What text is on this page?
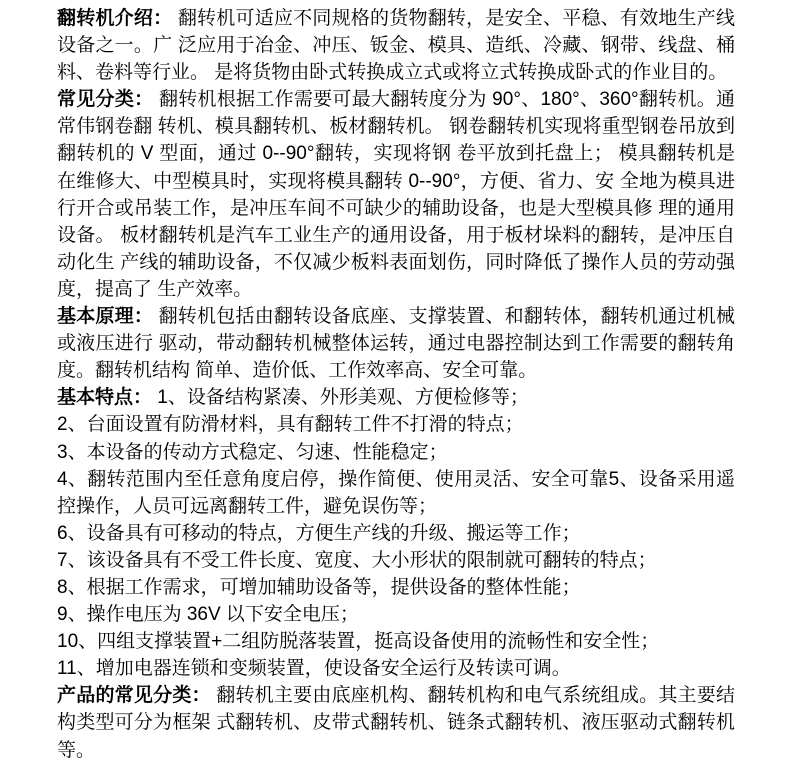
翻转机介绍： 翻转机可适应不同规格的货物翻转，是安全、平稳、有效地生产线设备之一。广 泛应用于冶金、冲压、钣金、模具、造纸、冷藏、钢带、线盘、桶料、卷料等行业。 是将货物由卧式转换成立式或将立式转换成卧式的作业目的。

常见分类： 翻转机根据工作需要可最大翻转度分为 90°、180°、360°翻转机。通常伟钢卷翻 转机、模具翻转机、板材翻转机。 钢卷翻转机实现将重型钢卷吊放到翻转机的 V 型面，通过 0--90°翻转，实现将钢 卷平放到托盘上； 模具翻转机是在维修大、中型模具时，实现将模具翻转 0--90°，方便、省力、安 全地为模具进行开合或吊装工作，是冲压车间不可缺少的辅助设备，也是大型模具修 理的通用设备。 板材翻转机是汽车工业生产的通用设备，用于板材垛料的翻转，是冲压自动化生 产线的辅助设备，不仅减少板料表面划伤，同时降低了操作人员的劳动强度，提高了 生产效率。

基本原理： 翻转机包括由翻转设备底座、支撑装置、和翻转体，翻转机通过机械或液压进行 驱动，带动翻转机械整体运转，通过电器控制达到工作需要的翻转角度。翻转机结构 简单、造价低、工作效率高、安全可靠。

基本特点： 1、设备结构紧凑、外形美观、方便检修等；

2、台面设置有防滑材料，具有翻转工件不打滑的特点；

3、本设备的传动方式稳定、匀速、性能稳定；

4、翻转范围内至任意角度启停，操作简便、使用灵活、安全可靠5、设备采用遥控操作，人员可远离翻转工件，避免误伤等；

6、设备具有可移动的特点，方便生产线的升级、搬运等工作；

7、该设备具有不受工件长度、宽度、大小形状的限制就可翻转的特点；

8、根据工作需求，可增加辅助设备等，提供设备的整体性能；

9、操作电压为 36V 以下安全电压；

10、四组支撑装置+二组防脱落装置，挺高设备使用的流畅性和安全性；

11、增加电器连锁和变频装置，使设备安全运行及转读可调。

产品的常见分类： 翻转机主要由底座机构、翻转机构和电气系统组成。其主要结构类型可分为框架 式翻转机、皮带式翻转机、链条式翻转机、液压驱动式翻转机等。
